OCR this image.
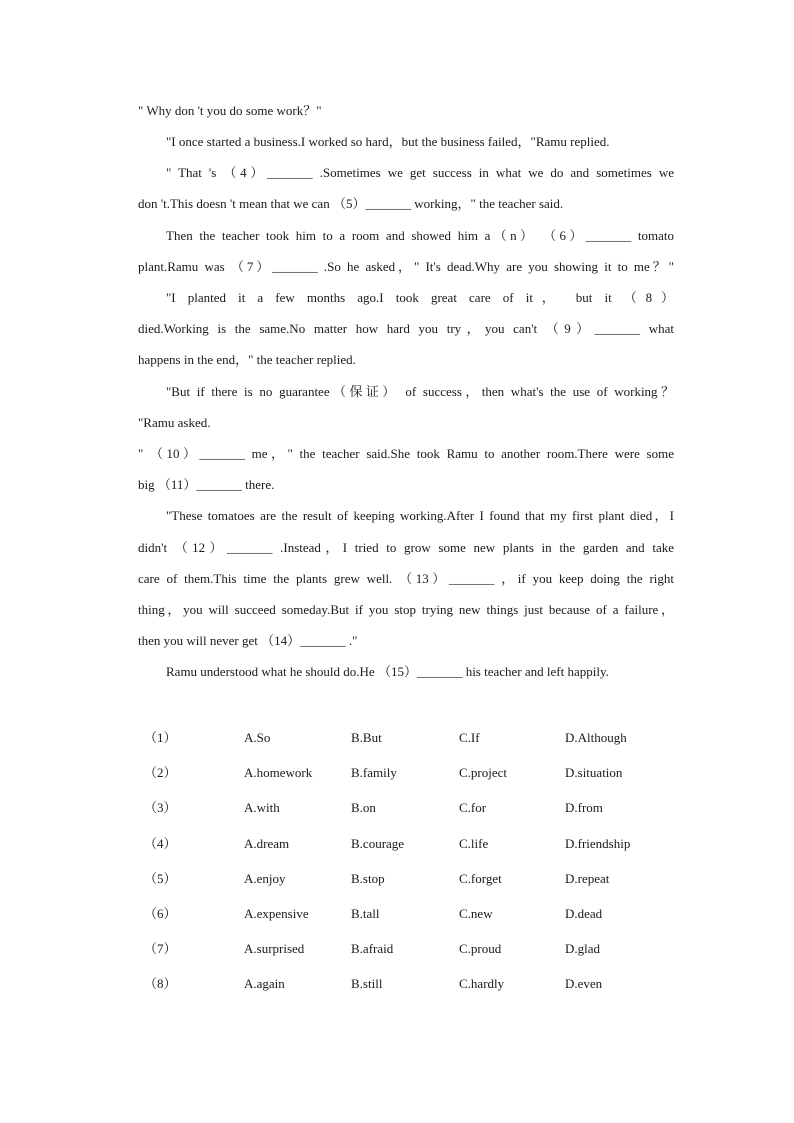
" Why don 't you do some work？"
"I once started a business.I worked so hard，but the business failed，"Ramu replied.
" That 's （4）_______ .Sometimes we get success in what we do and sometimes we
don 't.This doesn 't mean that we can （5）_______ working，" the teacher said.
Then the teacher took him to a room and showed him a（n） （6）_______ tomato
plant.Ramu was （7）_______ .So he asked，" It's dead.Why are you showing it to me？"
"I planted it a few months ago.I took great care of it， but it （8）
died.Working is the same.No matter how hard you try，you can't （9）_______ what
happens in the end，" the teacher replied.
"But if there is no guarantee（保证） of success，then what's the use of working？
"Ramu asked.
" （10）_______ me，" the teacher said.She took Ramu to another room.There were some
big （11）_______ there.
"These tomatoes are the result of keeping working.After I found that my first plant died，I
didn't （12）_______ .Instead，I tried to grow some new plants in the garden and take
care of them.This time the plants grew well. （13）_______ ，if you keep doing the right
thing，you will succeed someday.But if you stop trying new things just because of a failure，
then you will never get （14）_______ ."
Ramu understood what he should do.He （15）_______ his teacher and left happily.
（1）	A.So	B.But	C.If	D.Although
（2）	A.homework	B.family	C.project	D.situation
（3）	A.with	B.on	C.for	D.from
（4）	A.dream	B.courage	C.life	D.friendship
（5）	A.enjoy	B.stop	C.forget	D.repeat
（6）	A.expensive	B.tall	C.new	D.dead
（7）	A.surprised	B.afraid	C.proud	D.glad
（8）	A.again	B.still	C.hardly	D.even
